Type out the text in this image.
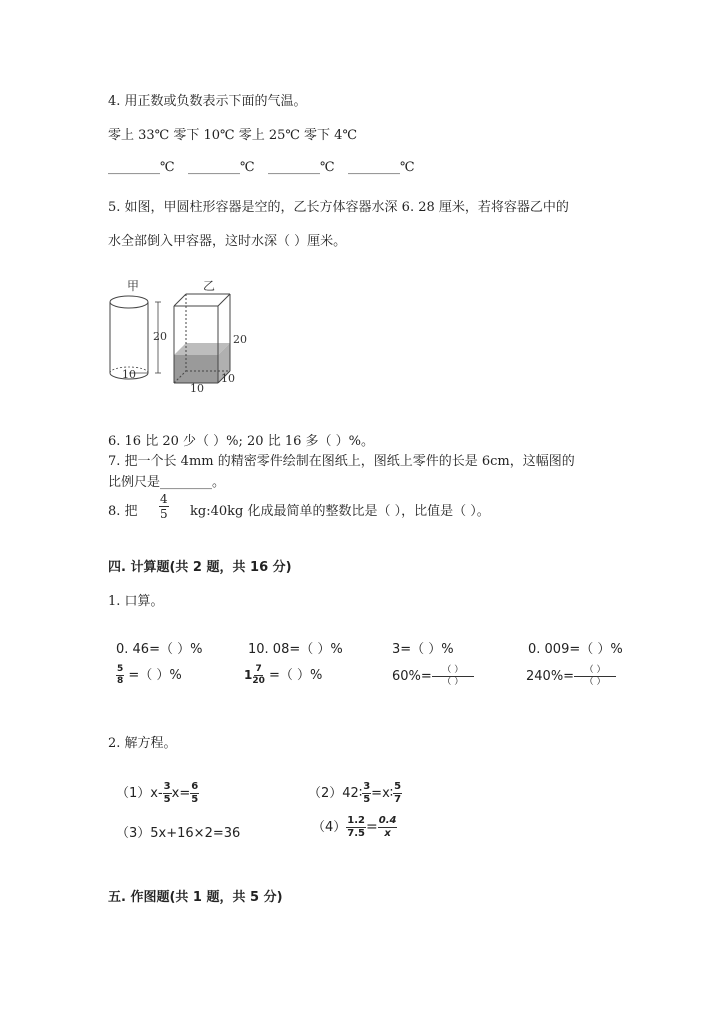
4. 用正数或负数表示下面的气温。
零上 33℃ 零下 10℃ 零上 25℃ 零下 4℃
________℃ ________℃ ________℃ ________℃
5. 如图，甲圆柱形容器是空的，乙长方体容器水深 6. 28 厘米，若将容器乙中的
水全部倒入甲容器，这时水深（ ）厘米。
甲
10
20
乙
20
10
10
6. 16 比 20 少（ ）%; 20 比 16 多（ ）%。
7. 把一个长 4mm 的精密零件绘制在图纸上，图纸上零件的长是 6cm，这幅图的
比例尺是________。
8. 把 $\frac{4}{5}$ kg:40kg 化成最简单的整数比是（ ），比值是（ ）。
四. 计算题(共 2 题，共 16 分)
1. 口算。
0. 46=（ ）%	10. 08=（ ）%	3=（ ）%	0. 009=（ ）%
$\frac{5}{8}$ =（ ）%	$1 \frac{7}{20}$ =（ ）%	$60\%= \frac{( )}{( )}$	$240\%= \frac{( )}{( )}$
2. 解方程。
$(1)x- \frac{3}{5} x= \frac{6}{5}$	（2）42∶ $\frac{3}{5}$ =x∶ $\frac{5}{7}$
（3）5x+16×2=36	$(4) \frac{1.2}{7.5} = \frac{0.4}{x}$
五. 作图题(共 1 题，共 5 分)
